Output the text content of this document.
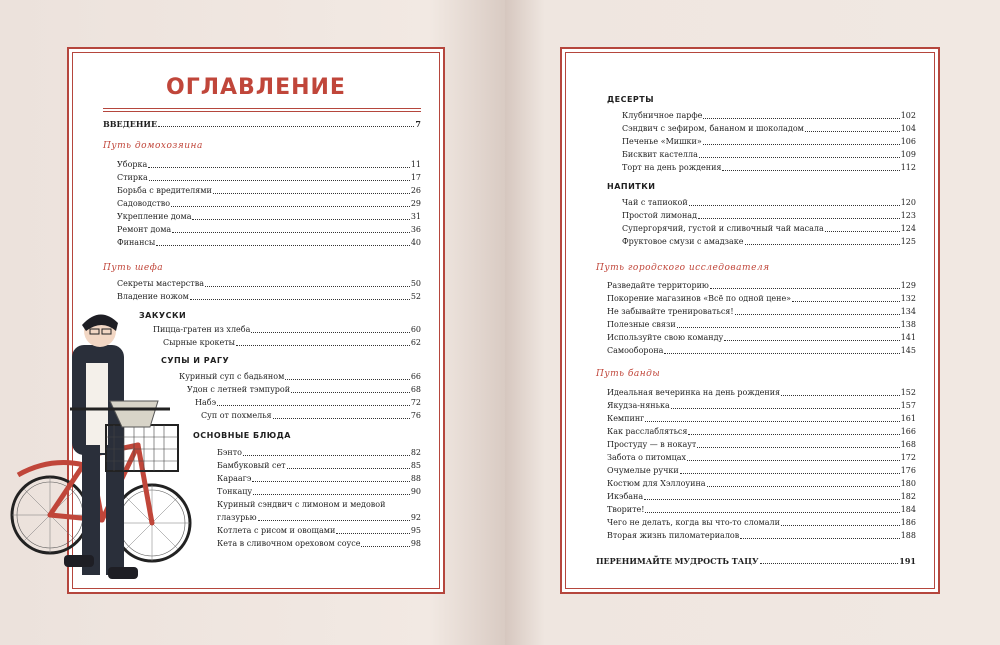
ОГЛАВЛЕНИЕ
ВВЕДЕНИЕ	7
Путь домохозяина
Уборка	11
Стирка	17
Борьба с вредителями	26
Садоводство	29
Укрепление дома	31
Ремонт дома	36
Финансы	40
Путь шефа
Секреты мастерства	50
Владение ножом	52
ЗАКУСКИ
Пицца-гратен из хлеба	60
Сырные крокеты	62
СУПЫ И РАГУ
Куриный суп с бадьяном	66
Удон с летней тэмпурой	68
Набэ	72
Суп от похмелья	76
ОСНОВНЫЕ БЛЮДА
Бэнто	82
Бамбуковый сет	85
Караагэ	88
Тонкацу	90
Куриный сэндвич с лимоном и медовой
глазурью	92
Котлета с рисом и овощами	95
Кета в сливочном ореховом соусе	98
ДЕСЕРТЫ
Клубничное парфе	102
Сэндвич с зефиром, бананом и шоколадом	104
Печенье «Мишки»	106
Бисквит кастелла	109
Торт на день рождения	112
НАПИТКИ
Чай с тапиокой	120
Простой лимонад	123
Супергорячий, густой и сливочный чай масала	124
Фруктовое смузи с амадзаке	125
Путь городского исследователя
Разведайте территорию	129
Покорение магазинов «Всё по одной цене»	132
Не забывайте тренироваться!	134
Полезные связи	138
Используйте свою команду	141
Самооборона	145
Путь банды
Идеальная вечеринка на день рождения	152
Якудза-нянька	157
Кемпинг	161
Как расслабляться	166
Простуду — в нокаут	168
Забота о питомцах	172
Очумелые ручки	176
Костюм для Хэллоуина	180
Икэбана	182
Творите!	184
Чего не делать, когда вы что-то сломали	186
Вторая жизнь пиломатериалов	188
ПЕРЕНИМАЙТЕ МУДРОСТЬ ТАЦУ	191
